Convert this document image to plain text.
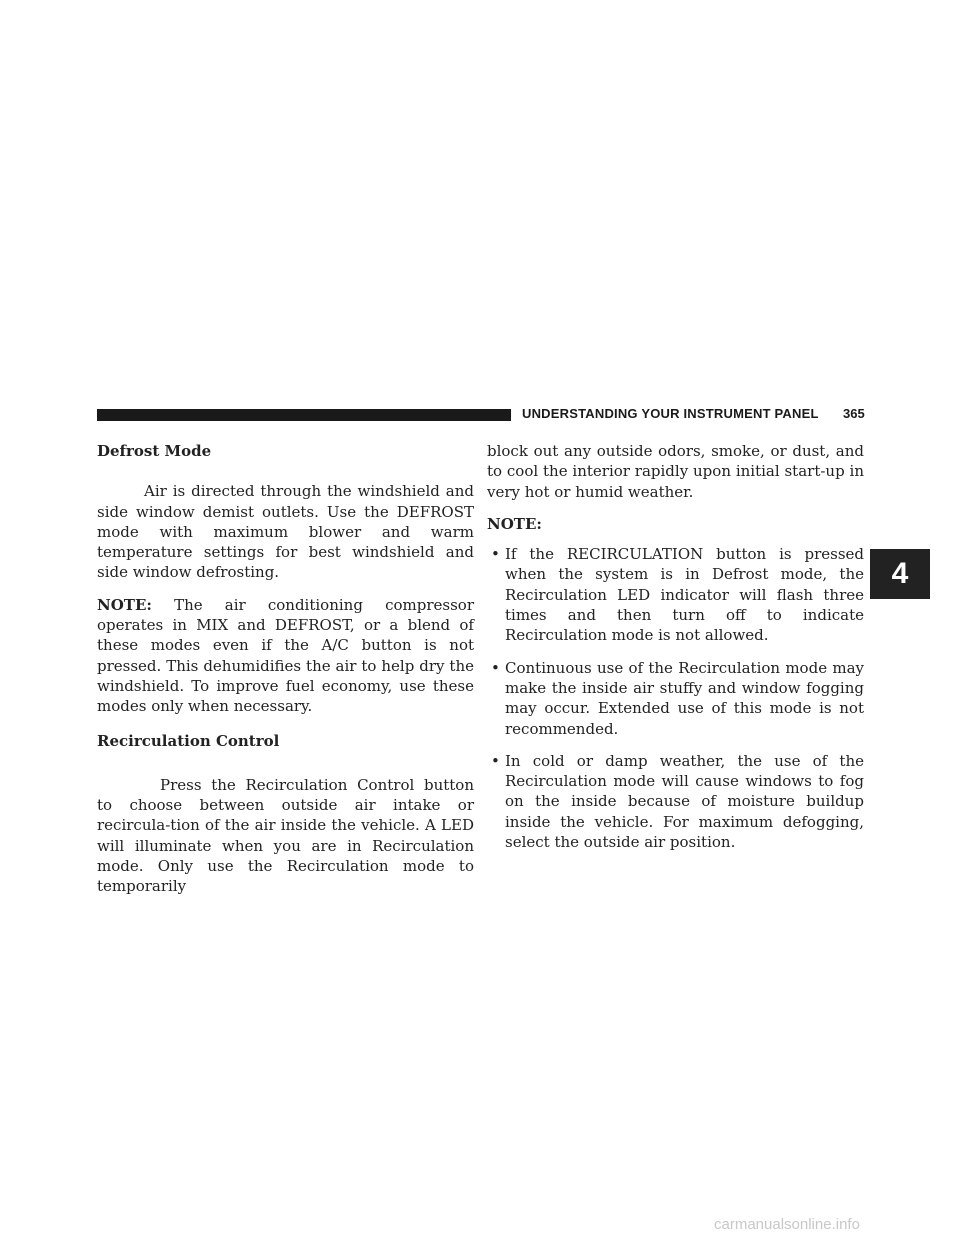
UNDERSTANDING YOUR INSTRUMENT PANEL 365
4
Defrost Mode

Air is directed through the windshield and side window demist outlets. Use the DEFROST mode with maximum blower and warm temperature settings for best windshield and side window defrosting.

NOTE: The air conditioning compressor operates in MIX and DEFROST, or a blend of these modes even if the A/C button is not pressed. This dehumidifies the air to help dry the windshield. To improve fuel economy, use these modes only when necessary.

Recirculation Control

Press the Recirculation Control button to choose between outside air intake or recircula-tion of the air inside the vehicle. A LED will illuminate when you are in Recirculation mode. Only use the Recirculation mode to temporarily

block out any outside odors, smoke, or dust, and to cool the interior rapidly upon initial start-up in very hot or humid weather.

NOTE:
• If the RECIRCULATION button is pressed when the system is in Defrost mode, the Recirculation LED indicator will flash three times and then turn off to indicate Recirculation mode is not allowed.
• Continuous use of the Recirculation mode may make the inside air stuffy and window fogging may occur. Extended use of this mode is not recommended.
• In cold or damp weather, the use of the Recirculation mode will cause windows to fog on the inside because of moisture buildup inside the vehicle. For maximum defogging, select the outside air position.
carmanualsonline.info
